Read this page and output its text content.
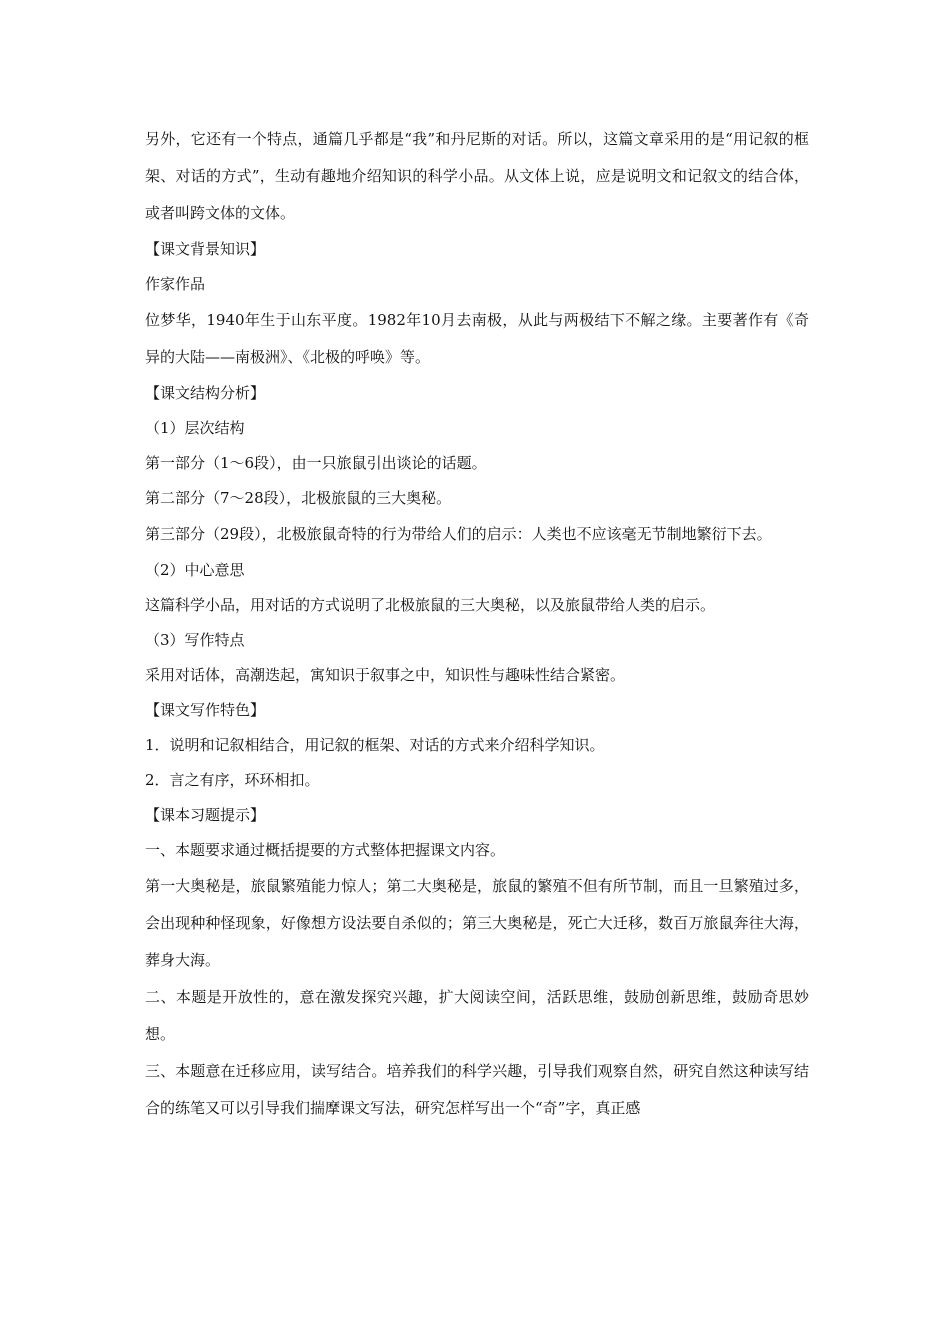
另外，它还有一个特点，通篇几乎都是“我”和丹尼斯的对话。所以，这篇文章采用的是“用记叙的框架、对话的方式”，生动有趣地介绍知识的科学小品。从文体上说，应是说明文和记叙文的结合体，或者叫跨文体的文体。

【课文背景知识】

作家作品

位梦华，1940年生于山东平度。1982年10月去南极，从此与两极结下不解之缘。主要著作有《奇异的大陆——南极洲》、《北极的呼唤》等。

【课文结构分析】

（1）层次结构

第一部分（1～6段），由一只旅鼠引出谈论的话题。

第二部分（7～28段），北极旅鼠的三大奥秘。

第三部分（29段），北极旅鼠奇特的行为带给人们的启示：人类也不应该毫无节制地繁衍下去。

（2）中心意思

这篇科学小品，用对话的方式说明了北极旅鼠的三大奥秘，以及旅鼠带给人类的启示。

（3）写作特点

采用对话体，高潮迭起，寓知识于叙事之中，知识性与趣味性结合紧密。

【课文写作特色】

1．说明和记叙相结合，用记叙的框架、对话的方式来介绍科学知识。

2．言之有序，环环相扣。

【课本习题提示】

一、本题要求通过概括提要的方式整体把握课文内容。

第一大奥秘是，旅鼠繁殖能力惊人；第二大奥秘是，旅鼠的繁殖不但有所节制，而且一旦繁殖过多，会出现种种怪现象，好像想方设法要自杀似的；第三大奥秘是，死亡大迁移，数百万旅鼠奔往大海，葬身大海。

二、本题是开放性的，意在激发探究兴趣，扩大阅读空间，活跃思维，鼓励创新思维，鼓励奇思妙想。

三、本题意在迁移应用，读写结合。培养我们的科学兴趣，引导我们观察自然，研究自然这种读写结合的练笔又可以引导我们揣摩课文写法，研究怎样写出一个“奇”字，真正感
